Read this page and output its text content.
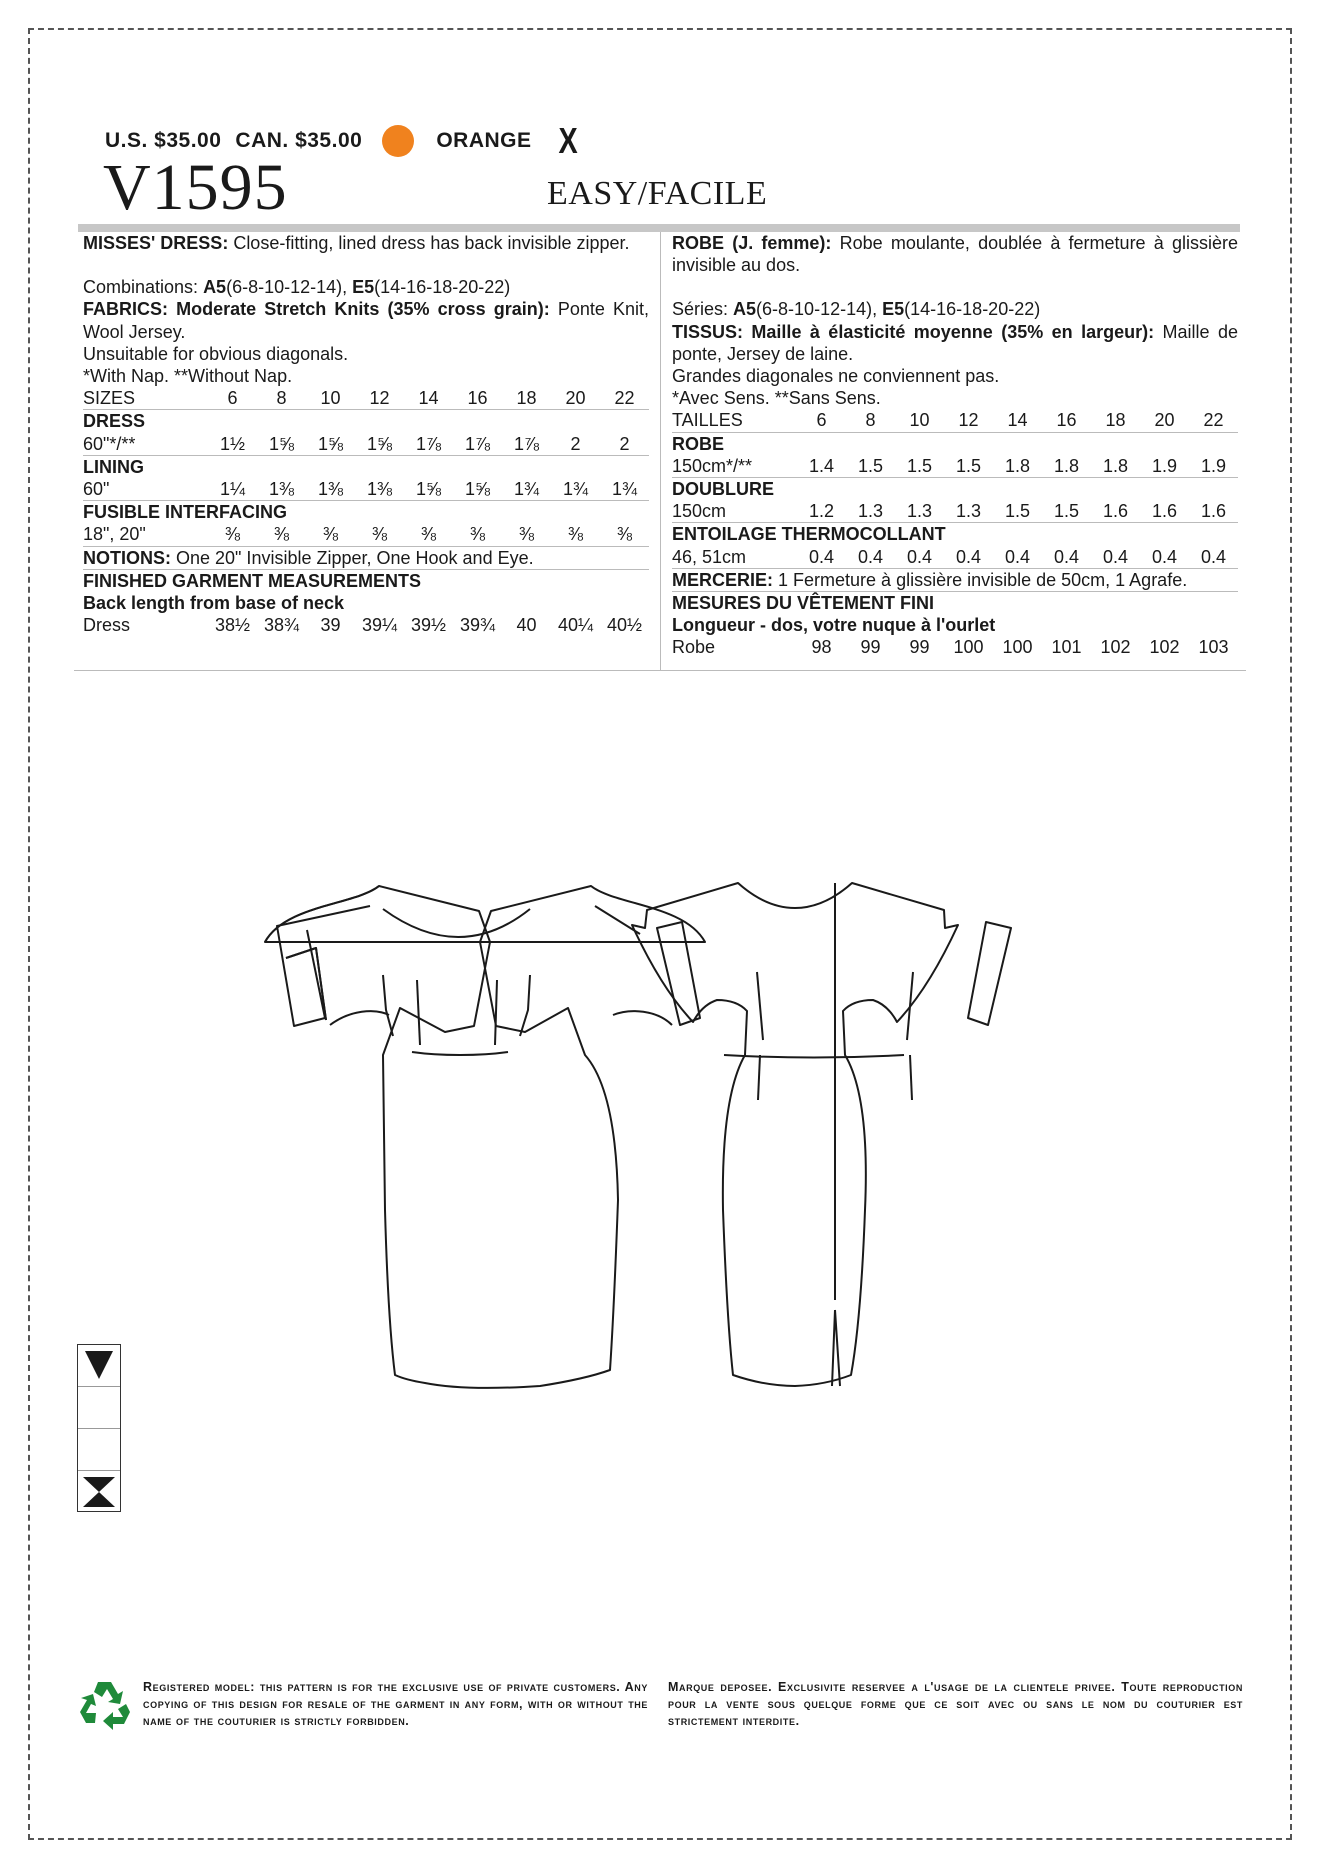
U.S. $35.00 CAN. $35.00	ORANGE X
V1595	EASY/FACILE

MISSES' DRESS: Close-fitting, lined dress has back invisible zipper.

Combinations: A5(6-8-10-12-14), E5(14-16-18-20-22)

FABRICS: Moderate Stretch Knits (35% cross grain): Ponte Knit, Wool Jersey.

Unsuitable for obvious diagonals.

*With Nap. **Without Nap.

SIZES	6	8	10	12	14	16	18	20	22
DRESS									
60"*/**	1½	1⅝	1⅝	1⅝	1⅞	1⅞	1⅞	2	2
LINING									
60"	1¼	1⅜	1⅜	1⅜	1⅝	1⅝	1¾	1¾	1¾
FUSIBLE INTERFACING									
18", 20"	⅜	⅜	⅜	⅜	⅜	⅜	⅜	⅜	⅜
NOTIONS: One 20" Invisible Zipper, One Hook and Eye.									
FINISHED GARMENT MEASUREMENTS									
Back length from base of neck									
Dress	38½	38¾	39	39¼	39½	39¾	40	40¼	40½

ROBE (J. femme): Robe moulante, doublée à fermeture à glissière invisible au dos.

Séries: A5(6-8-10-12-14), E5(14-16-18-20-22)

TISSUS: Maille à élasticité moyenne (35% en largeur): Maille de ponte, Jersey de laine.

Grandes diagonales ne conviennent pas.

*Avec Sens. **Sans Sens.

TAILLES	6	8	10	12	14	16	18	20	22
ROBE									
150cm*/**	1.4	1.5	1.5	1.5	1.8	1.8	1.8	1.9	1.9
DOUBLURE									
150cm	1.2	1.3	1.3	1.3	1.5	1.5	1.6	1.6	1.6
ENTOILAGE THERMOCOLLANT									
46, 51cm	0.4	0.4	0.4	0.4	0.4	0.4	0.4	0.4	0.4
MERCERIE: 1 Fermeture à glissière invisible de 50cm, 1 Agrafe.									
MESURES DU VÊTEMENT FINI									
Longueur - dos, votre nuque à l'ourlet									
Robe	98	99	99	100	100	101	102	102	103
Registered model: this pattern is for the exclusive use of private customers. Any copying of this design for resale of the garment in any form, with or without the name of the couturier is strictly forbidden.
Marque deposee. Exclusivite reservee a l'usage de la clientele privee. Toute reproduction pour la vente sous quelque forme que ce soit avec ou sans le nom du couturier est strictement interdite.
